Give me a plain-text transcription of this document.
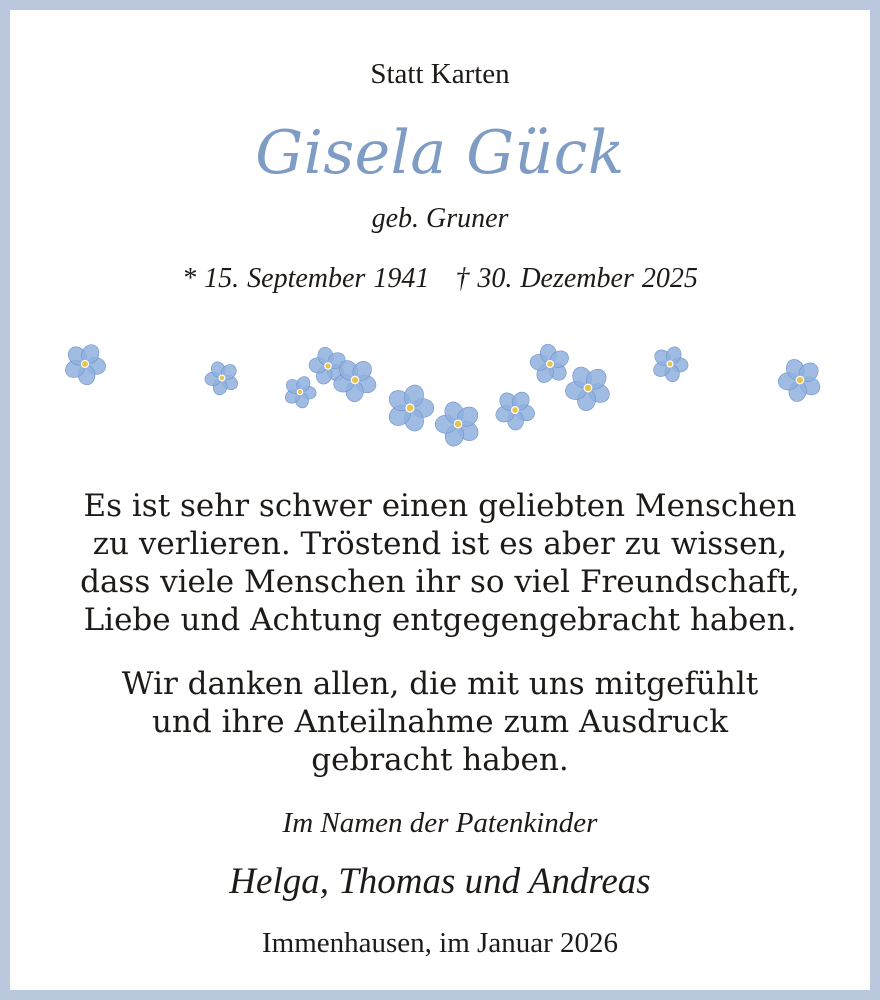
Statt Karten
Gisela Gück
geb. Gruner
* 15. September 1941 † 30. Dezember 2025
Es ist sehr schwer einen geliebten Menschen
zu verlieren. Tröstend ist es aber zu wissen,
dass viele Menschen ihr so viel Freundschaft,
Liebe und Achtung entgegengebracht haben.
Wir danken allen, die mit uns mitgefühlt
und ihre Anteilnahme zum Ausdruck
gebracht haben.
Im Namen der Patenkinder
Helga, Thomas und Andreas
Immenhausen, im Januar 2026
